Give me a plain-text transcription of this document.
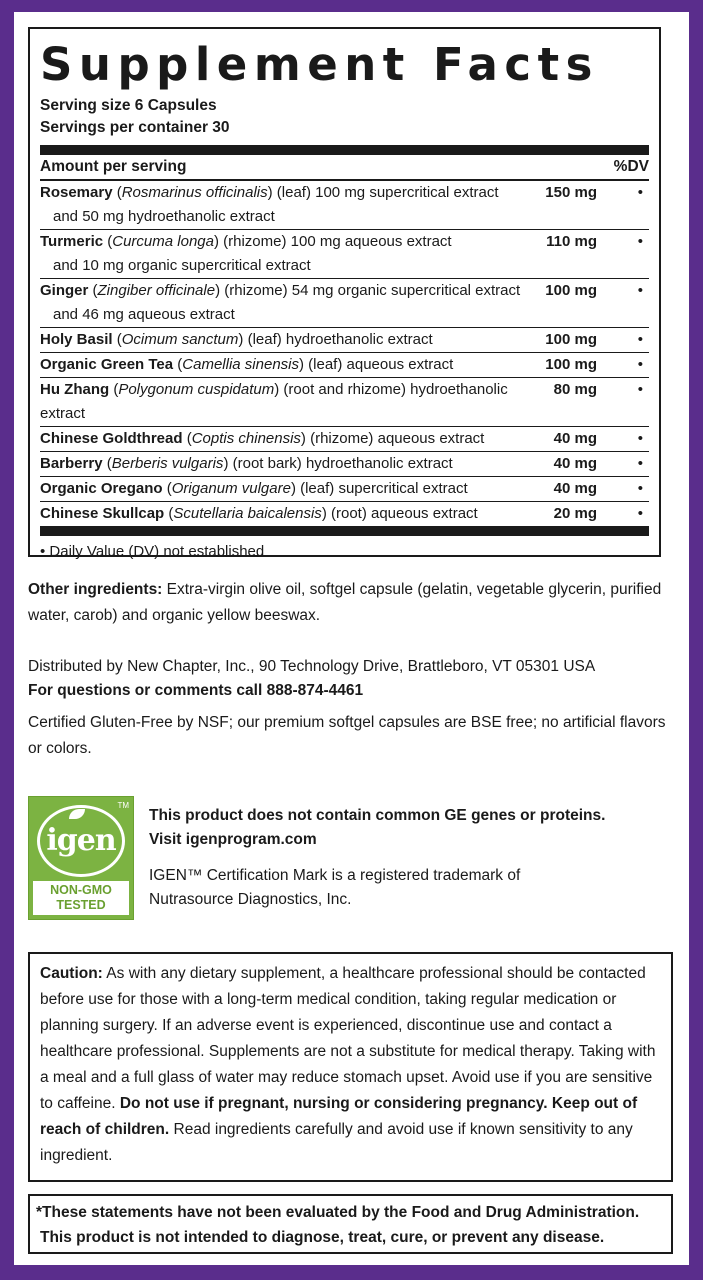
Supplement Facts
Serving size 6 Capsules
Servings per container 30
Amount per serving	%DV
Rosemary (Rosmarinus officinalis) (leaf) 100 mg supercritical extract
and 50 mg hydroethanolic extract
150 mg	•
Turmeric (Curcuma longa) (rhizome) 100 mg aqueous extract
and 10 mg organic supercritical extract
110 mg	•
Ginger (Zingiber officinale) (rhizome) 54 mg organic supercritical extract
and 46 mg aqueous extract
100 mg	•
Holy Basil (Ocimum sanctum) (leaf) hydroethanolic extract	100 mg	•
Organic Green Tea (Camellia sinensis) (leaf) aqueous extract	100 mg	•
Hu Zhang (Polygonum cuspidatum) (root and rhizome) hydroethanolic extract
80 mg	•
Chinese Goldthread (Coptis chinensis) (rhizome) aqueous extract	40 mg	•
Barberry (Berberis vulgaris) (root bark) hydroethanolic extract	40 mg	•
Organic Oregano (Origanum vulgare) (leaf) supercritical extract	40 mg	•
Chinese Skullcap (Scutellaria baicalensis) (root) aqueous extract	20 mg	•
• Daily Value (DV) not established
Other ingredients: Extra-virgin olive oil, softgel capsule (gelatin, vegetable glycerin, purified water, carob) and organic yellow beeswax.
Distributed by New Chapter, Inc., 90 Technology Drive, Brattleboro, VT 05301 USA
For questions or comments call 888-874-4461
Certified Gluten-Free by NSF; our premium softgel capsules are BSE free; no artificial flavors or colors.
igen
TM
NON-GMO
TESTED
This product does not contain common GE genes or proteins.
Visit igenprogram.com
IGEN™ Certification Mark is a registered trademark of
Nutrasource Diagnostics, Inc.
Caution: As with any dietary supplement, a healthcare professional should be contacted before use for those with a long-term medical condition, taking regular medication or planning surgery. If an adverse event is experienced, discontinue use and contact a healthcare professional. Supplements are not a substitute for medical therapy. Taking with a meal and a full glass of water may reduce stomach upset. Avoid use if you are sensitive to caffeine. Do not use if pregnant, nursing or considering pregnancy. Keep out of reach of children. Read ingredients carefully and avoid use if known sensitivity to any ingredient.
*These statements have not been evaluated by the Food and Drug Administration.
This product is not intended to diagnose, treat, cure, or prevent any disease.
